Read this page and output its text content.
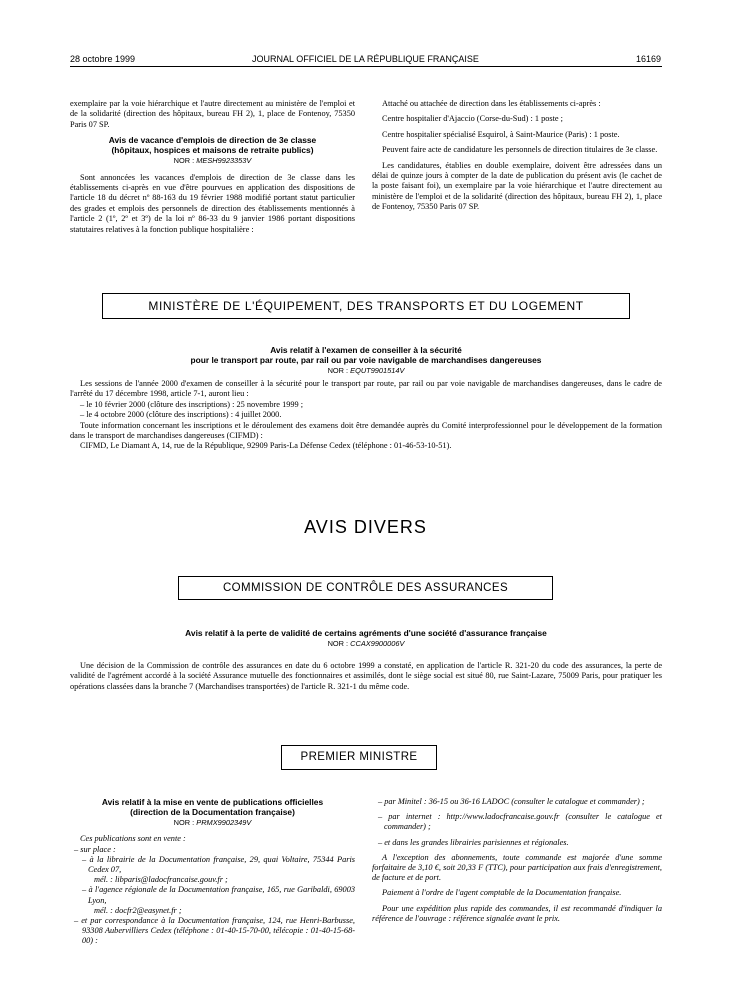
28 octobre 1999	JOURNAL OFFICIEL DE LA RÉPUBLIQUE FRANÇAISE	16169

exemplaire par la voie hiérarchique et l'autre directement au ministère de l'emploi et de la solidarité (direction des hôpitaux, bureau FH 2), 1, place de Fontenoy, 75350 Paris 07 SP.

Avis de vacance d'emplois de direction de 3e classe
(hôpitaux, hospices et maisons de retraite publics)
NOR : MESH9923353V

Sont annoncées les vacances d'emplois de direction de 3e classe dans les établissements ci-après en vue d'être pourvues en application des dispositions de l'article 18 du décret nº 88-163 du 19 février 1988 modifié portant statut particulier des grades et emplois des personnels de direction des établissements mentionnés à l'article 2 (1º, 2º et 3º) de la loi nº 86-33 du 9 janvier 1986 portant dispositions statutaires relatives à la fonction publique hospitalière :

Attaché ou attachée de direction dans les établissements ci-après :

Centre hospitalier d'Ajaccio (Corse-du-Sud) : 1 poste ;

Centre hospitalier spécialisé Esquirol, à Saint-Maurice (Paris) : 1 poste.

Peuvent faire acte de candidature les personnels de direction titulaires de 3e classe.

Les candidatures, établies en double exemplaire, doivent être adressées dans un délai de quinze jours à compter de la date de publication du présent avis (le cachet de la poste faisant foi), un exemplaire par la voie hiérarchique et l'autre directement au ministère de l'emploi et de la solidarité (direction des hôpitaux, bureau FH 2), 1, place de Fontenoy, 75350 Paris 07 SP.

MINISTÈRE DE L'ÉQUIPEMENT, DES TRANSPORTS ET DU LOGEMENT
Avis relatif à l'examen de conseiller à la sécurité
pour le transport par route, par rail ou par voie navigable de marchandises dangereuses
NOR : EQUT9901514V

Les sessions de l'année 2000 d'examen de conseiller à la sécurité pour le transport par route, par rail ou par voie navigable de marchandises dangereuses, dans le cadre de l'arrêté du 17 décembre 1998, article 7-1, auront lieu :

– le 10 février 2000 (clôture des inscriptions) : 25 novembre 1999 ;

– le 4 octobre 2000 (clôture des inscriptions) : 4 juillet 2000.

Toute information concernant les inscriptions et le déroulement des examens doit être demandée auprès du Comité interprofessionnel pour le développement de la formation dans le transport de marchandises dangereuses (CIFMD) :

CIFMD, Le Diamant A, 14, rue de la République, 92909 Paris-La Défense Cedex (téléphone : 01-46-53-10-51).

AVIS DIVERS
COMMISSION DE CONTRÔLE DES ASSURANCES
Avis relatif à la perte de validité de certains agréments d'une société d'assurance française
NOR : CCAX9900006V

Une décision de la Commission de contrôle des assurances en date du 6 octobre 1999 a constaté, en application de l'article R. 321-20 du code des assurances, la perte de validité de l'agrément accordé à la société Assurance mutuelle des fonctionnaires et assimilés, dont le siège social est situé 80, rue Saint-Lazare, 75009 Paris, pour pratiquer les opérations classées dans la branche 7 (Marchandises transportées) de l'article R. 321-1 du même code.

PREMIER MINISTRE
Avis relatif à la mise en vente de publications officielles
(direction de la Documentation française)
NOR : PRMX9902349V
Ces publications sont en vente :
– sur place :
– à la librairie de la Documentation française, 29, quai Voltaire, 75344 Paris Cedex 07,
mél. : libparis@ladocfrancaise.gouv.fr ;
– à l'agence régionale de la Documentation française, 165, rue Garibaldi, 69003 Lyon,
mél. : docfr2@easynet.fr ;
– et par correspondance à la Documentation française, 124, rue Henri-Barbusse, 93308 Aubervilliers Cedex (téléphone : 01-40-15-70-00, télécopie : 01-40-15-68-00) :

– par Minitel : 36-15 ou 36-16 LADOC (consulter le catalogue et commander) ;

– par internet : http://www.ladocfrancaise.gouv.fr (consulter le catalogue et commander) ;

– et dans les grandes librairies parisiennes et régionales.

A l'exception des abonnements, toute commande est majorée d'une somme forfaitaire de 3,10 €, soit 20,33 F (TTC), pour participation aux frais d'enregistrement, de facture et de port.

Paiement à l'ordre de l'agent comptable de la Documentation française.

Pour une expédition plus rapide des commandes, il est recommandé d'indiquer la référence de l'ouvrage : référence signalée avant le prix.
